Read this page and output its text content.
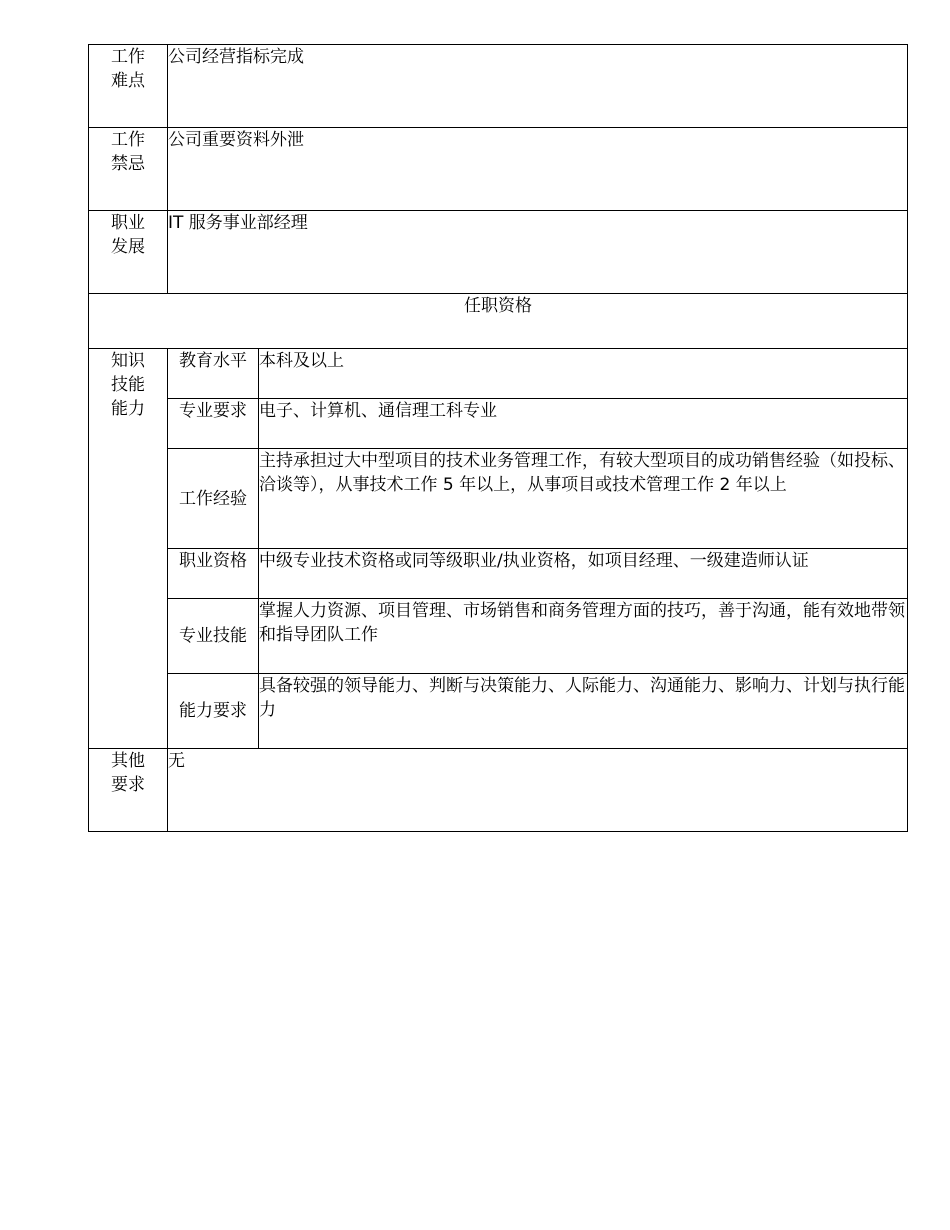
工作
难点	公司经营指标完成	

工作
禁忌	公司重要资料外泄	

职业
发展	IT 服务事业部经理	
任职资格		

知识
技能
能力	教育水平	本科及以上
	专业要求	电子、计算机、通信理工科专业
	工作经验	主持承担过大中型项目的技术业务管理工作，有较大型项目的成功销售经验（如投标、洽谈等），从事技术工作 5 年以上，从事项目或技术管理工作 2 年以上
	职业资格	中级专业技术资格或同等级职业/执业资格，如项目经理、一级建造师认证
	专业技能	掌握人力资源、项目管理、市场销售和商务管理方面的技巧，善于沟通，能有效地带领和指导团队工作
	能力要求	具备较强的领导能力、判断与决策能力、人际能力、沟通能力、影响力、计划与执行能力

其他
要求	无	
